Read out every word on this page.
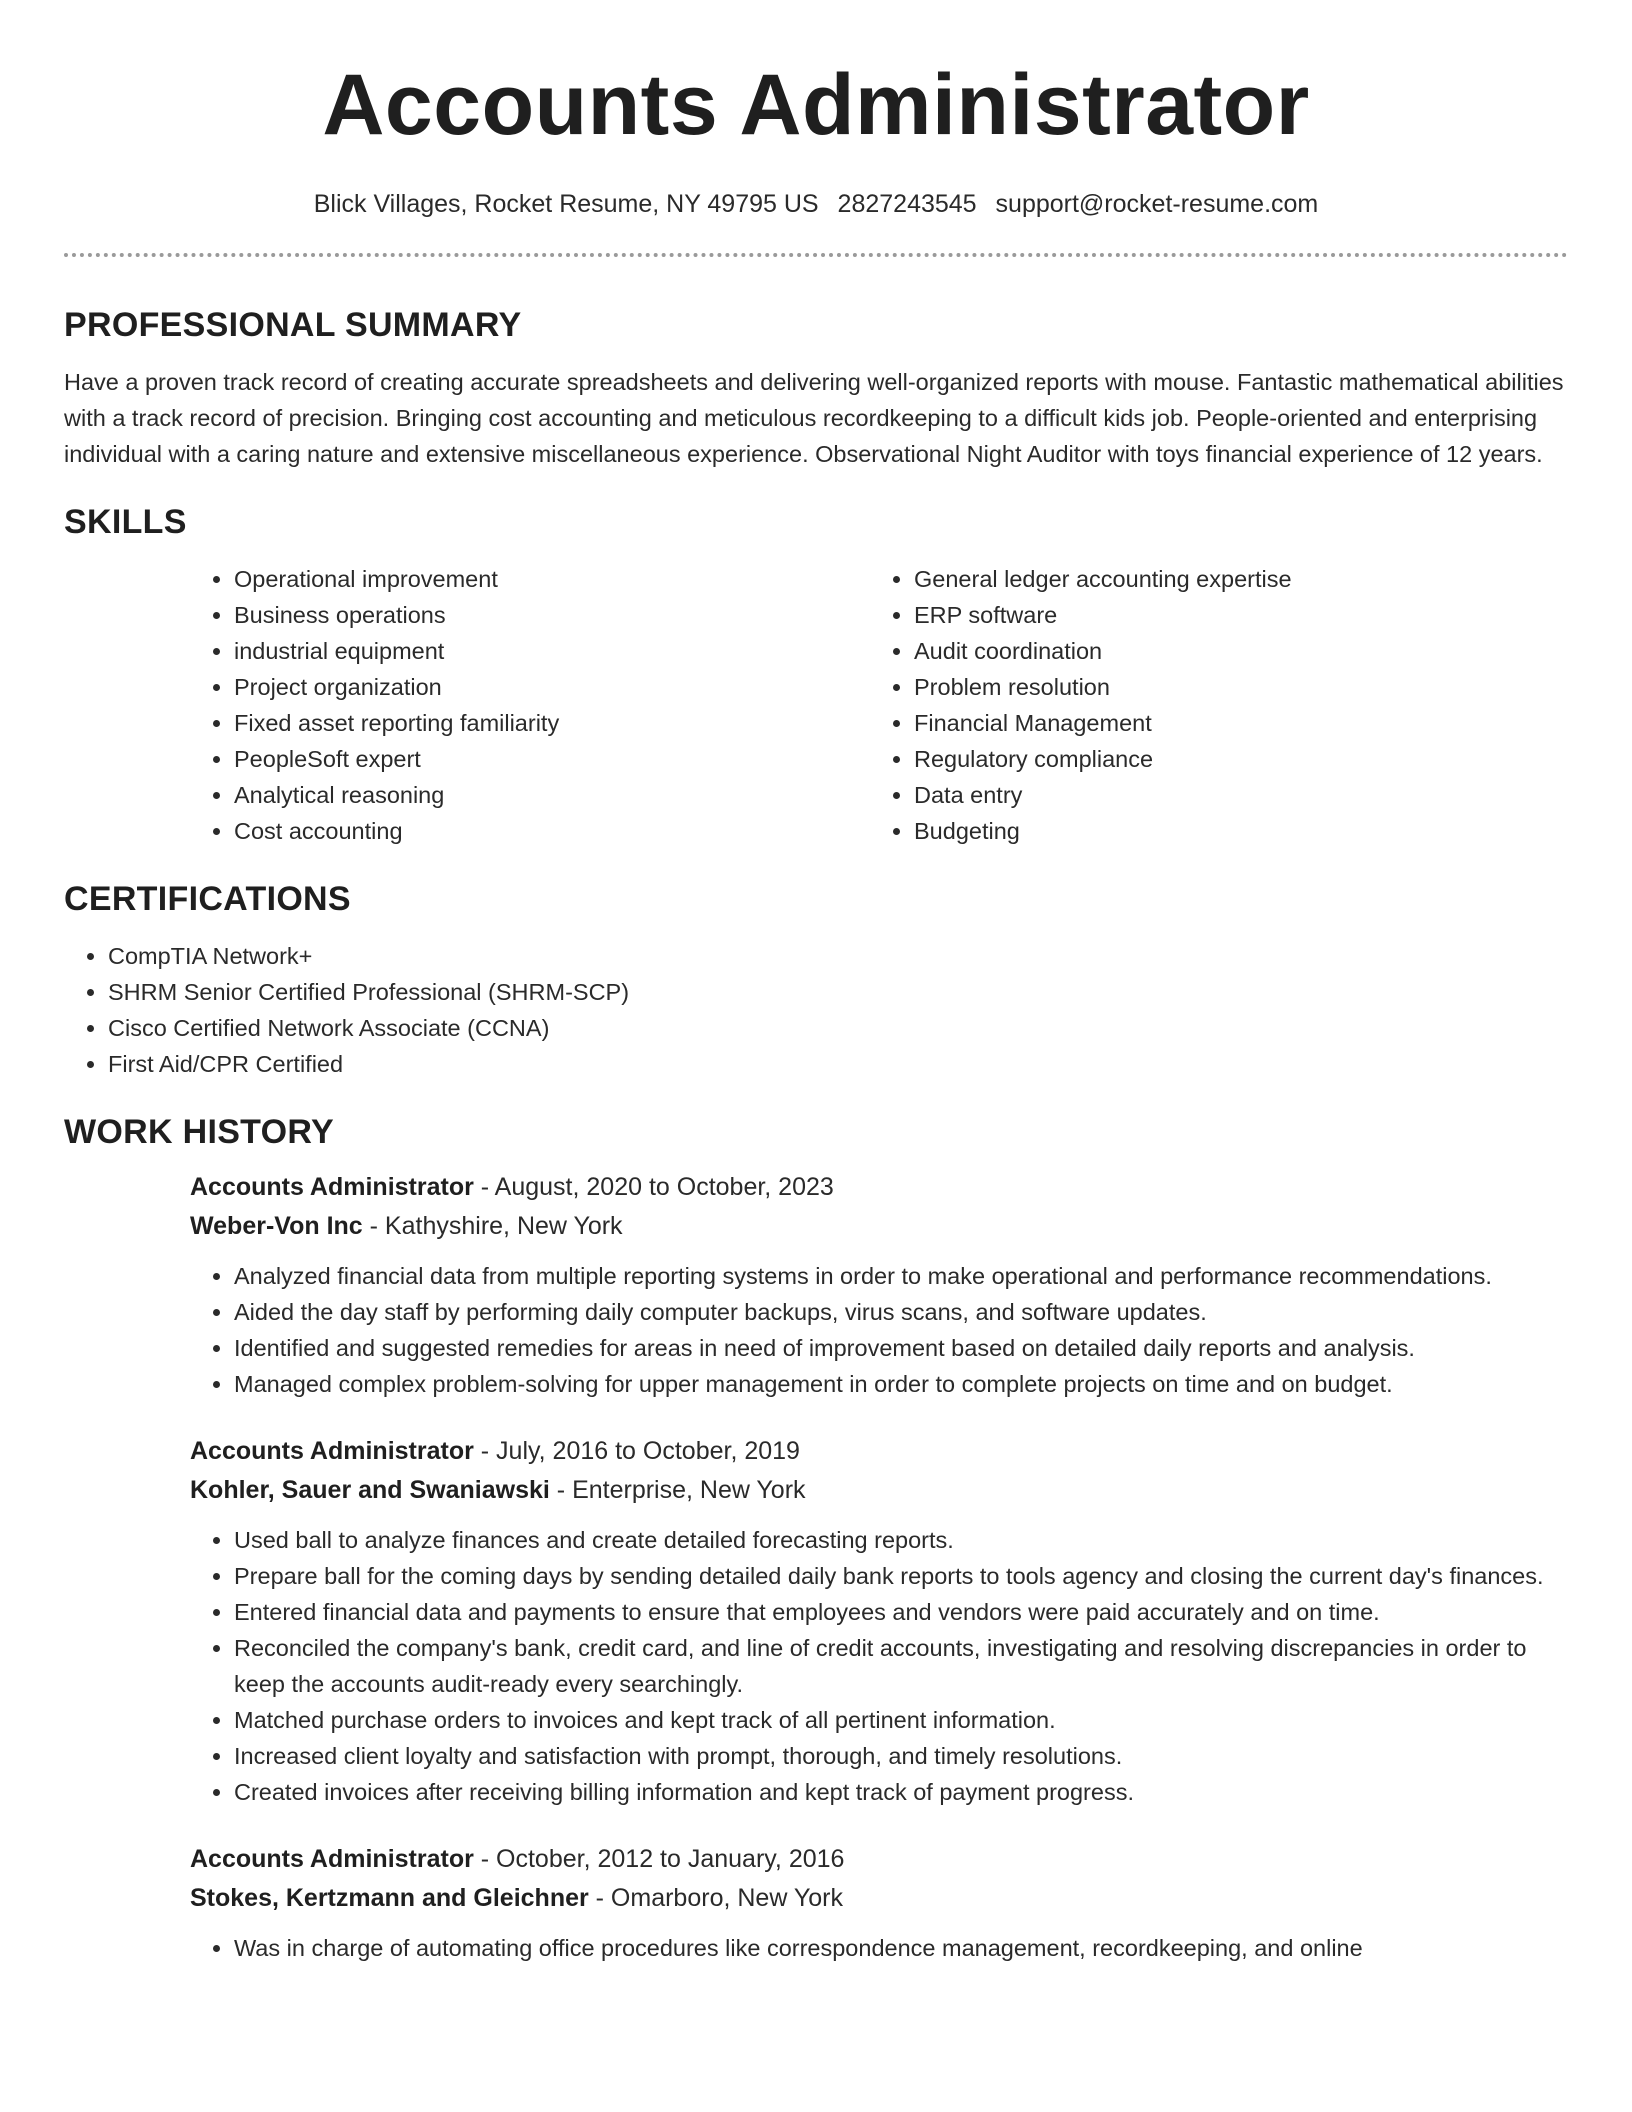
Accounts Administrator
Blick Villages, Rocket Resume, NY 49795 US 2827243545 support@rocket-resume.com
PROFESSIONAL SUMMARY

Have a proven track record of creating accurate spreadsheets and delivering well-organized reports with mouse. Fantastic mathematical abilities with a track record of precision. Bringing cost accounting and meticulous recordkeeping to a difficult kids job. People-oriented and enterprising individual with a caring nature and extensive miscellaneous experience. Observational Night Auditor with toys financial experience of 12 years.

SKILLS
• Operational improvement
• Business operations
• industrial equipment
• Project organization
• Fixed asset reporting familiarity
• PeopleSoft expert
• Analytical reasoning
• Cost accounting
• General ledger accounting expertise
• ERP software
• Audit coordination
• Problem resolution
• Financial Management
• Regulatory compliance
• Data entry
• Budgeting
CERTIFICATIONS
• CompTIA Network+
• SHRM Senior Certified Professional (SHRM-SCP)
• Cisco Certified Network Associate (CCNA)
• First Aid/CPR Certified
WORK HISTORY
Accounts Administrator - August, 2020 to October, 2023
Weber-Von Inc - Kathyshire, New York
• Analyzed financial data from multiple reporting systems in order to make operational and performance recommendations.
• Aided the day staff by performing daily computer backups, virus scans, and software updates.
• Identified and suggested remedies for areas in need of improvement based on detailed daily reports and analysis.
• Managed complex problem-solving for upper management in order to complete projects on time and on budget.
Accounts Administrator - July, 2016 to October, 2019
Kohler, Sauer and Swaniawski - Enterprise, New York
• Used ball to analyze finances and create detailed forecasting reports.
• Prepare ball for the coming days by sending detailed daily bank reports to tools agency and closing the current day's finances.
• Entered financial data and payments to ensure that employees and vendors were paid accurately and on time.
• Reconciled the company's bank, credit card, and line of credit accounts, investigating and resolving discrepancies in order to keep the accounts audit-ready every searchingly.
• Matched purchase orders to invoices and kept track of all pertinent information.
• Increased client loyalty and satisfaction with prompt, thorough, and timely resolutions.
• Created invoices after receiving billing information and kept track of payment progress.
Accounts Administrator - October, 2012 to January, 2016
Stokes, Kertzmann and Gleichner - Omarboro, New York
• Was in charge of automating office procedures like correspondence management, recordkeeping, and online
